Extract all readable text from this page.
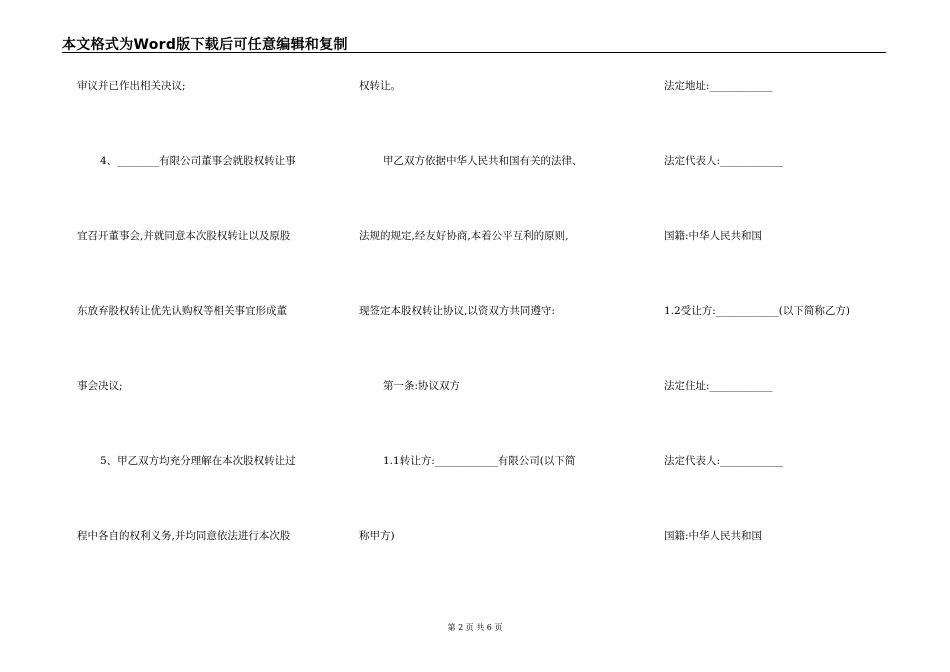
本文格式为Word版下载后可任意编辑和复制
审议并已作出相关决议;
4、________有限公司董事会就股权转让事
宜召开董事会,并就同意本次股权转让以及原股
东放弃股权转让优先认购权等相关事宜形成董
事会决议;
5、甲乙双方均充分理解在本次股权转让过
程中各自的权利义务,并均同意依法进行本次股
权转让。
甲乙双方依据中华人民共和国有关的法律、
法规的规定,经友好协商,本着公平互利的原则,
现签定本股权转让协议,以资双方共同遵守:
第一条:协议双方
1.1转让方:____________有限公司(以下简
称甲方)
法定地址:____________
法定代表人:____________
国籍:中华人民共和国
1.2受让方:____________(以下简称乙方)
法定住址:____________
法定代表人:____________
国籍:中华人民共和国
第 2 页 共 6 页
